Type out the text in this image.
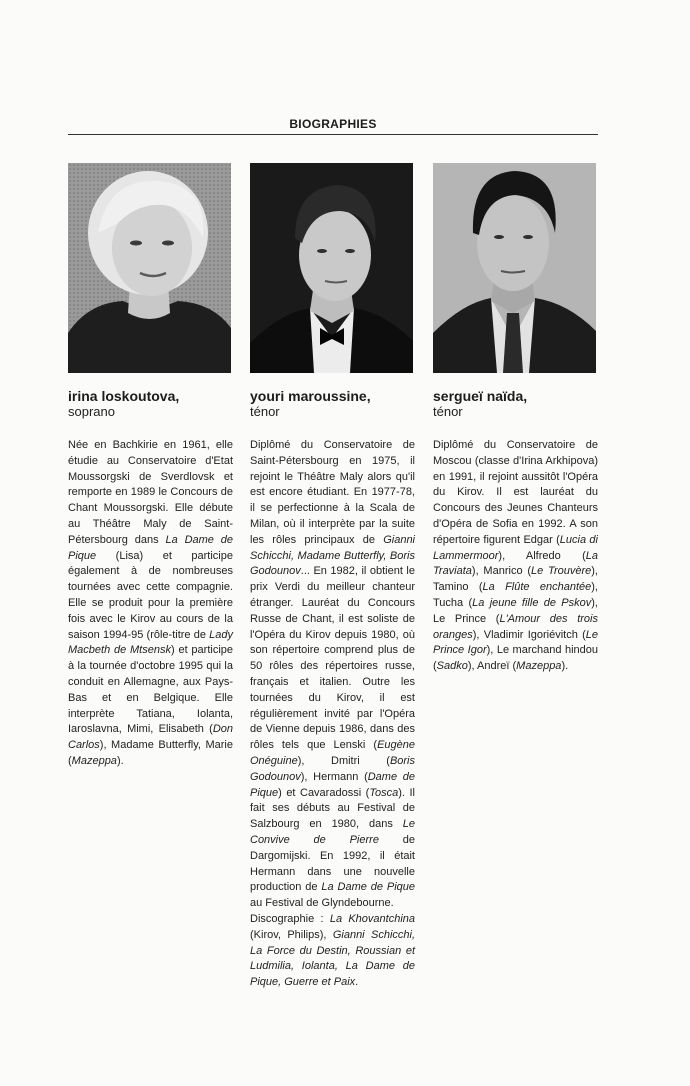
BIOGRAPHIES
irina loskoutova,
soprano
Née en Bachkirie en 1961, elle étudie au Conservatoire d'Etat Moussorgski de Sverdlovsk et remporte en 1989 le Concours de Chant Moussorgski. Elle débute au Théâtre Maly de Saint-Pétersbourg dans La Dame de Pique (Lisa) et participe également à de nombreuses tournées avec cette compagnie. Elle se produit pour la première fois avec le Kirov au cours de la saison 1994-95 (rôle-titre de Lady Macbeth de Mtsensk) et participe à la tournée d'octobre 1995 qui la conduit en Allemagne, aux Pays-Bas et en Belgique. Elle interprète Tatiana, Iolanta, Iaroslavna, Mimi, Elisabeth (Don Carlos), Madame Butterfly, Marie (Mazeppa).
youri maroussine,
ténor
Diplômé du Conservatoire de Saint-Pétersbourg en 1975, il rejoint le Théâtre Maly alors qu'il est encore étudiant. En 1977-78, il se perfectionne à la Scala de Milan, où il interprète par la suite les rôles principaux de Gianni Schicchi, Madame Butterfly, Boris Godounov... En 1982, il obtient le prix Verdi du meilleur chanteur étranger. Lauréat du Concours Russe de Chant, il est soliste de l'Opéra du Kirov depuis 1980, où son répertoire comprend plus de 50 rôles des répertoires russe, français et italien. Outre les tournées du Kirov, il est régulièrement invité par l'Opéra de Vienne depuis 1986, dans des rôles tels que Lenski (Eugène Onéguine), Dmitri (Boris Godounov), Hermann (Dame de Pique) et Cavaradossi (Tosca). Il fait ses débuts au Festival de Salzbourg en 1980, dans Le Convive de Pierre de Dargomijski. En 1992, il était Hermann dans une nouvelle production de La Dame de Pique au Festival de Glyndebourne.
Discographie : La Khovantchina (Kirov, Philips), Gianni Schicchi, La Force du Destin, Roussian et Ludmilia, Iolanta, La Dame de Pique, Guerre et Paix.
sergueï naïda,
ténor
Diplômé du Conservatoire de Moscou (classe d'Irina Arkhipova) en 1991, il rejoint aussitôt l'Opéra du Kirov. Il est lauréat du Concours des Jeunes Chanteurs d'Opéra de Sofia en 1992. A son répertoire figurent Edgar (Lucia di Lammermoor), Alfredo (La Traviata), Manrico (Le Trouvère), Tamino (La Flûte enchantée), Tucha (La jeune fille de Pskov), Le Prince (L'Amour des trois oranges), Vladimir Igoriévitch (Le Prince Igor), Le marchand hindou (Sadko), Andreï (Mazeppa).
